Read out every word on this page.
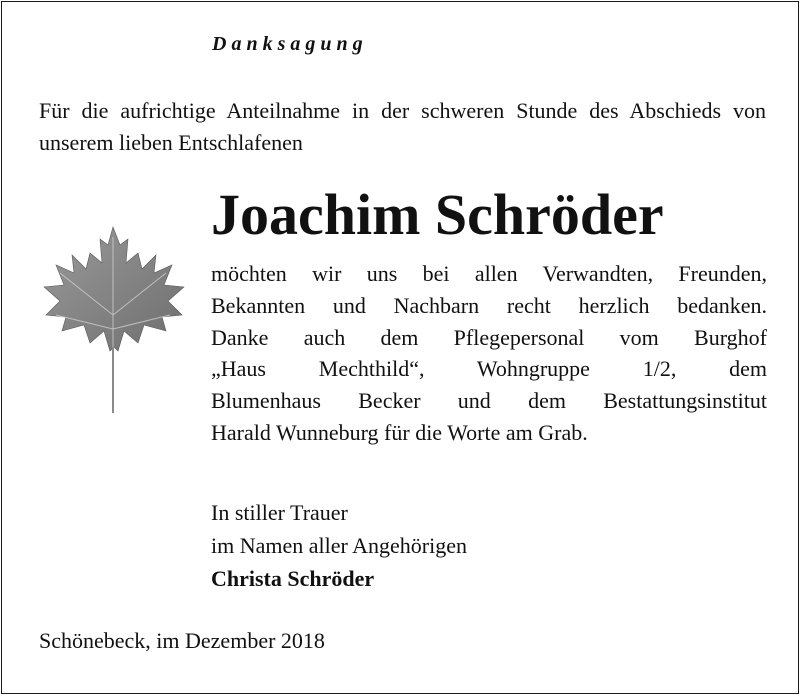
Danksagung
Für die aufrichtige Anteilnahme in der schweren Stunde des Abschieds von unserem lieben Entschlafenen
Joachim Schröder
möchten wir uns bei allen Verwandten, Freunden,
Bekannten und Nachbarn recht herzlich bedanken.
Danke auch dem Pflegepersonal vom Burghof
„Haus Mechthild“, Wohngruppe 1/2, dem
Blumenhaus Becker und dem Bestattungsinstitut
Harald Wunneburg für die Worte am Grab.
In stiller Trauer
im Namen aller Angehörigen
Christa Schröder
Schönebeck, im Dezember 2018
